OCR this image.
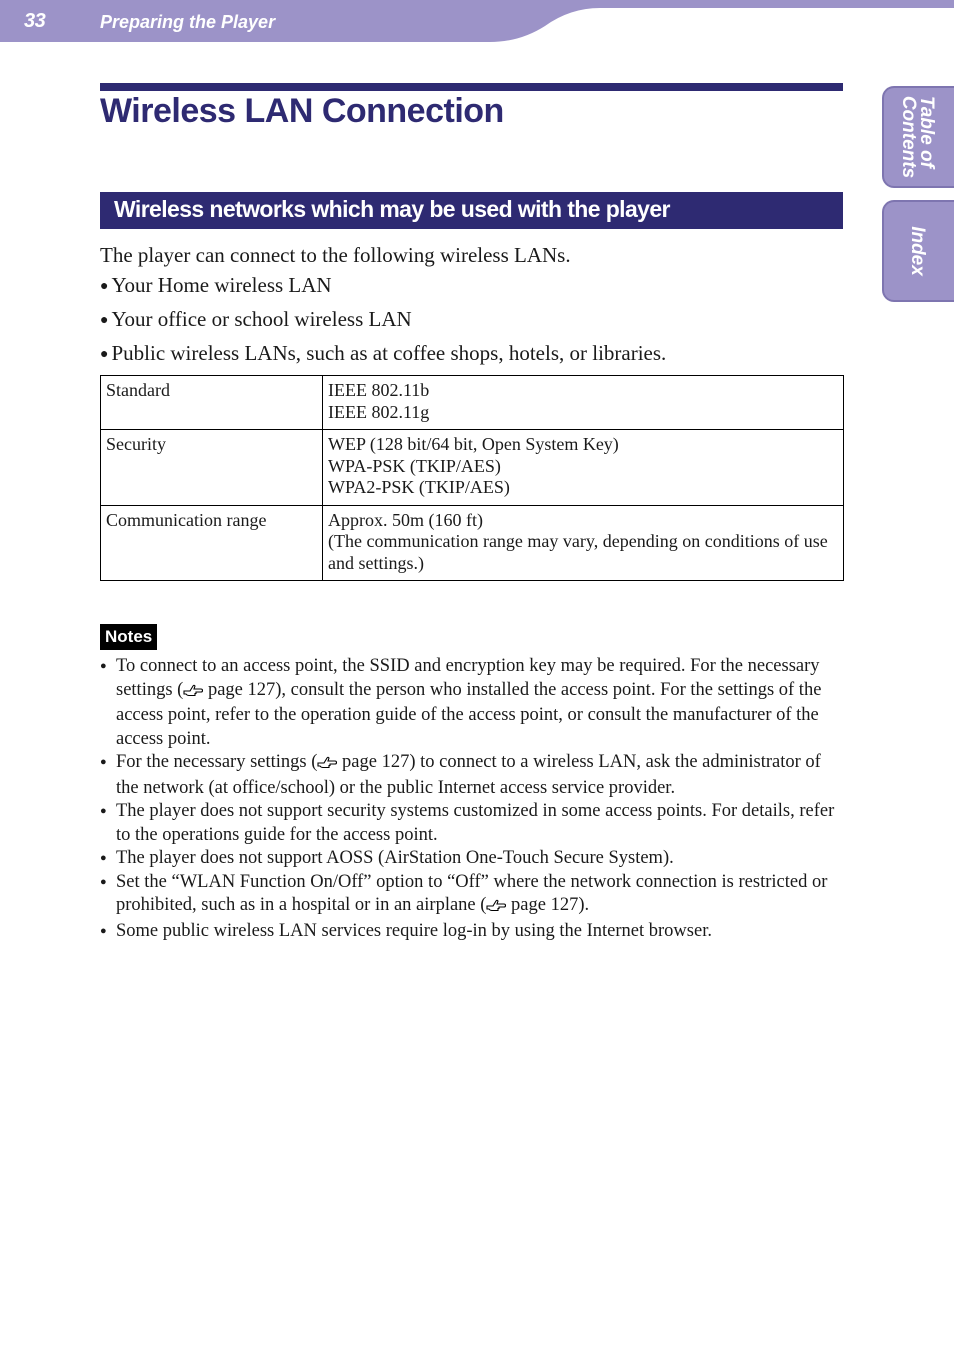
33	Preparing the Player
Table of
Contents
Index
Wireless LAN Connection
Wireless networks which may be used with the player
The player can connect to the following wireless LANs.
● Your Home wireless LAN
● Your office or school wireless LAN
● Public wireless LANs, such as at coffee shops, hotels, or libraries.
Standard	IEEE 802.11b
IEEE 802.11g

Security	WEP (128 bit/64 bit, Open System Key)
WPA-PSK (TKIP/AES)
WPA2-PSK (TKIP/AES)

Communication range	Approx. 50m (160 ft)
(The communication range may vary, depending on conditions of use and settings.)
Notes
● To connect to an access point, the SSID and encryption key may be required. For the necessary settings ( page 127), consult the person who installed the access point. For the settings of the access point, refer to the operation guide of the access point, or consult the manufacturer of the access point.
● For the necessary settings ( page 127) to connect to a wireless LAN, ask the administrator of the network (at office/school) or the public Internet access service provider.
● The player does not support security systems customized in some access points. For details, refer to the operations guide for the access point.
● The player does not support AOSS (AirStation One-Touch Secure System).
● Set the “WLAN Function On/Off” option to “Off” where the network connection is restricted or prohibited, such as in a hospital or in an airplane ( page 127).
● Some public wireless LAN services require log-in by using the Internet browser.
